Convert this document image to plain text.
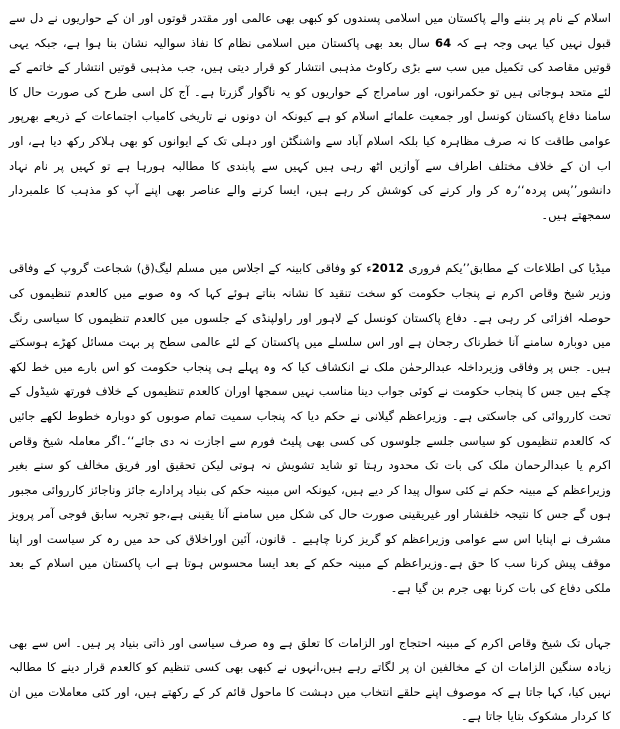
اسلام کے نام پر بننے والے پاکستان میں اسلامی پسندوں کو کبھی بھی عالمی اور مقتدر قوتوں اور ان کے حواریوں نے دل سے قبول نہیں کیا یہی وجہ ہے کہ 64 سال بعد بھی پاکستان میں اسلامی نظام کا نفاذ سوالیہ نشان بنا ہوا ہے، جبکہ یہی قوتیں مقاصد کی تکمیل میں سب سے بڑی رکاوٹ مذہبی انتشار کو قرار دیتی ہیں، جب مذہبی قوتیں انتشار کے خاتمے کے لئے متحد ہوجاتی ہیں تو حکمرانوں، اور سامراج کے حواریوں کو یہ ناگوار گزرتا ہے۔ آج کل اسی طرح کی صورت حال کا سامنا دفاع پاکستان کونسل اور جمعیت علمائے اسلام کو ہے کیونکہ ان دونوں نے تاریخی کامیاب اجتماعات کے ذریعے بھرپور عوامی طاقت کا نہ صرف مظاہرہ کیا بلکہ اسلام آباد سے واشنگٹن اور دہلی تک کے ایوانوں کو بھی ہلاکر رکھ دیا ہے، اور اب ان کے خلاف مختلف اطراف سے آوازیں اٹھ رہی ہیں کہیں سے پابندی کا مطالبہ ہورہا ہے تو کہیں پر نام نہاد دانشور’’پس پردہ‘‘رہ کر وار کرنے کی کوشش کر رہے ہیں، ایسا کرنے والے عناصر بھی اپنے آپ کو مذہب کا علمبردار سمجھتے ہیں۔

میڈیا کی اطلاعات کے مطابق’’یکم فروری 2012ء کو وفاقی کابینہ کے اجلاس میں مسلم لیگ(ق) شجاعت گروپ کے وفاقی وزیر شیخ وقاص اکرم نے پنجاب حکومت کو سخت تنقید کا نشانہ بناتے ہوئے کہا کہ وہ صوبے میں کالعدم تنظیموں کی حوصلہ افزائی کر رہی ہے۔ دفاع پاکستان کونسل کے لاہور اور راولپنڈی کے جلسوں میں کالعدم تنظیموں کا سیاسی رنگ میں دوبارہ سامنے آنا خطرناک رجحان ہے اور اس سلسلے میں پاکستان کے لئے عالمی سطح پر بہت مسائل کھڑے ہوسکتے ہیں۔ جس پر وفاقی وزیرداخلہ عبدالرحمٰن ملک نے انکشاف کیا کہ وہ پہلے ہی پنجاب حکومت کو اس بارے میں خط لکھ چکے ہیں جس کا پنجاب حکومت نے کوئی جواب دینا مناسب نہیں سمجھا اوران کالعدم تنظیموں کے خلاف فورتھ شیڈول کے تحت کارروائی کی جاسکتی ہے۔ وزیراعظم گیلانی نے حکم دیا کہ پنجاب سمیت تمام صوبوں کو دوبارہ خطوط لکھے جائیں کہ کالعدم تنظیموں کو سیاسی جلسے جلوسوں کی کسی بھی پلیٹ فورم سے اجازت نہ دی جائے‘‘۔اگر معاملہ شیخ وقاص اکرم یا عبدالرحمان ملک کی بات تک محدود رہتا تو شاید تشویش نہ ہوتی لیکن تحقیق اور فریق مخالف کو سنے بغیر وزیراعظم کے مبینہ حکم نے کئی سوال پیدا کر دیے ہیں، کیونکہ اس مبینہ حکم کی بنیاد پرادارے جائز وناجائز کارروائی مجبور ہوں گے جس کا نتیجہ خلفشار اور غیریقینی صورت حال کی شکل میں سامنے آنا یقینی ہے،جو تجربہ سابق فوجی آمر پرویز مشرف نے اپنایا اس سے عوامی وزیراعظم کو گریز کرنا چاہیے ۔ قانون، آئین اوراخلاق کی حد میں رہ کر سیاست اور اپنا موقف پیش کرنا سب کا حق ہے۔وزیراعظم کے مبینہ حکم کے بعد ایسا محسوس ہوتا ہے اب پاکستان میں اسلام کے بعد ملکی دفاع کی بات کرنا بھی جرم بن گیا ہے۔

جہاں تک شیخ وقاص اکرم کے مبینہ احتجاج اور الزامات کا تعلق ہے وہ صرف سیاسی اور ذاتی بنیاد پر ہیں۔ اس سے بھی زیادہ سنگین الزامات ان کے مخالفین ان پر لگاتے رہے ہیں،انہوں نے کبھی بھی کسی تنظیم کو کالعدم قرار دینے کا مطالبہ نہیں کیا، کہا جاتا ہے کہ موصوف اپنے حلقے انتخاب میں دہشت کا ماحول قائم کر کے رکھتے ہیں، اور کئی معاملات میں ان کا کردار مشکوک بتایا جاتا ہے۔
